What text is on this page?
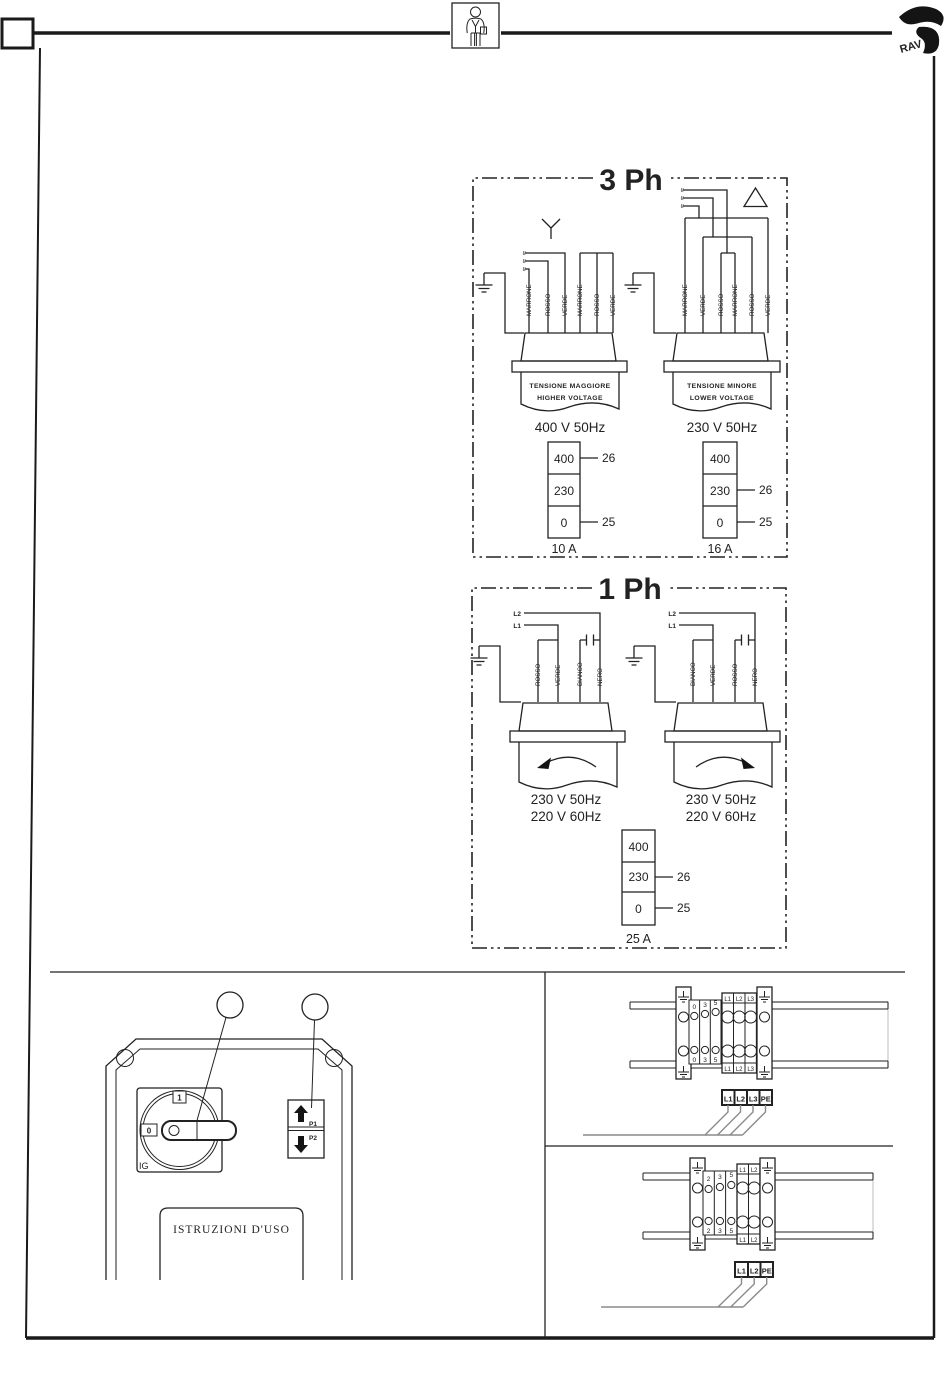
RAV
3 Ph
≈
≈
≈
MARRONE ROSSO VERDE MARRONE ROSSO VERDE
TENSIONE MAGGIORE
HIGHER VOLTAGE
400 V 50Hz
400
230
0
26
25
10 A
≈
≈
≈
MARRONE VERDE ROSSO MARRONE ROSSO VERDE
TENSIONE MINORE
LOWER VOLTAGE
230 V 50Hz
400
230
0
26
25
16 A
1 Ph
L2
L1
ROSSO VERDE BIANCO NERO
230 V 50Hz
220 V 60Hz
L2
L1
BIANCO VERDE ROSSO NERO
230 V 50Hz
220 V 60Hz
400
230
0
26
25
25 A
1
0
IG
P1
P2
ISTRUZIONI D'USO
0 3 5
0 3 5
L1 L2 L3
L1 L2 L3
L1 L2 L3 PE
2 3 5
2 3 5
L1 L2
L1 L2
L1 L2 PE
